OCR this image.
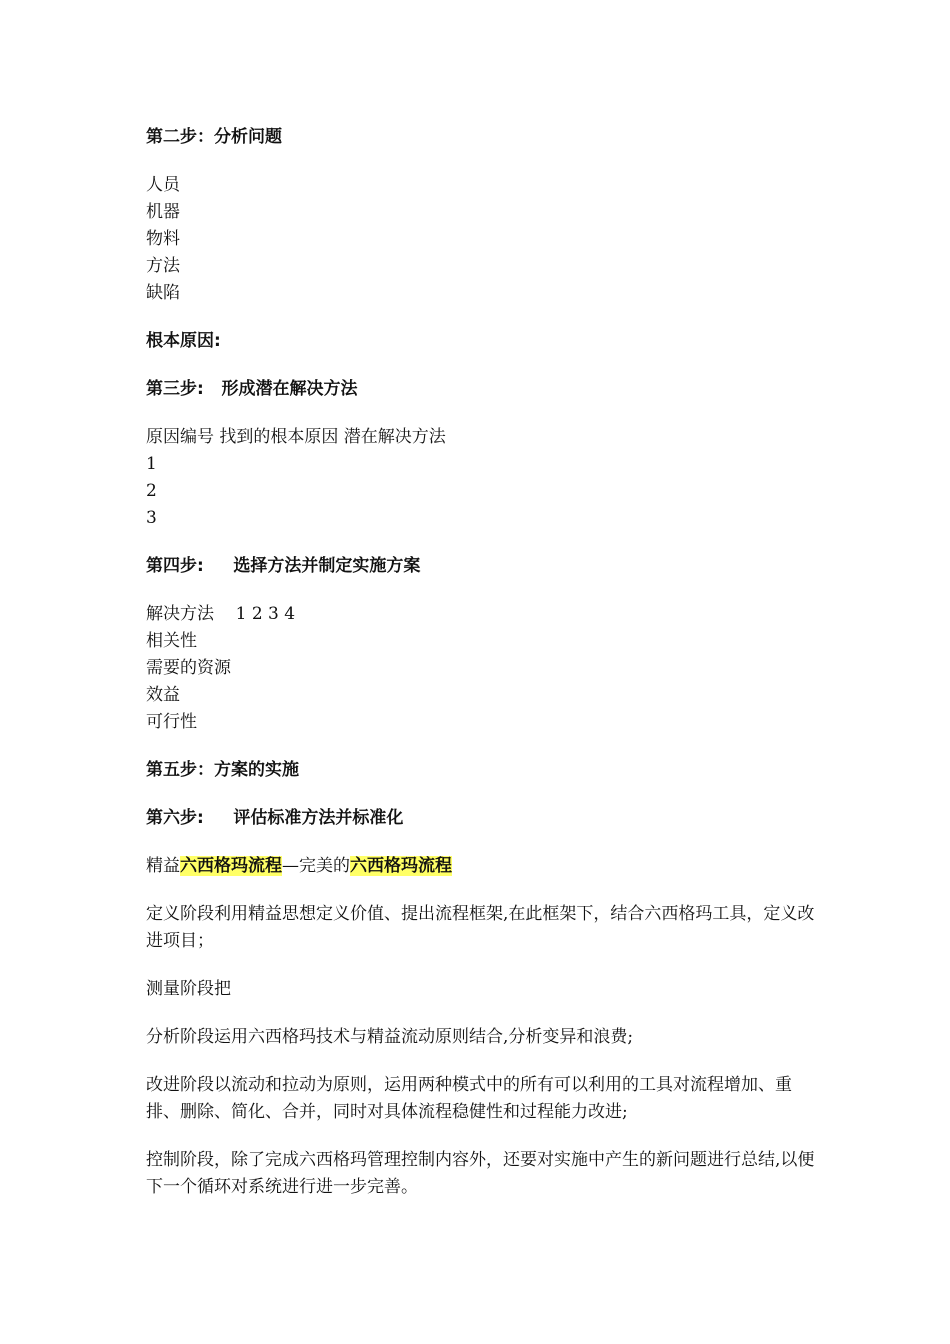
第二步：分析问题

人员
机器
物料
方法
缺陷

根本原因:

第三步:   形成潜在解决方法

原因编号 找到的根本原因 潜在解决方法
1
2
3

第四步:     选择方法并制定实施方案

解决方法    1 2 3 4
相关性
需要的资源
效益
可行性

第五步：方案的实施

第六步:     评估标准方法并标准化

精益六西格玛流程—完美的六西格玛流程

定义阶段利用精益思想定义价值、提出流程框架,在此框架下，结合六西格玛工具，定义改进项目；

测量阶段把

分析阶段运用六西格玛技术与精益流动原则结合,分析变异和浪费;

改进阶段以流动和拉动为原则，运用两种模式中的所有可以利用的工具对流程增加、重排、删除、简化、合并，同时对具体流程稳健性和过程能力改进;

控制阶段，除了完成六西格玛管理控制内容外，还要对实施中产生的新问题进行总结,以便下一个循环对系统进行进一步完善。
